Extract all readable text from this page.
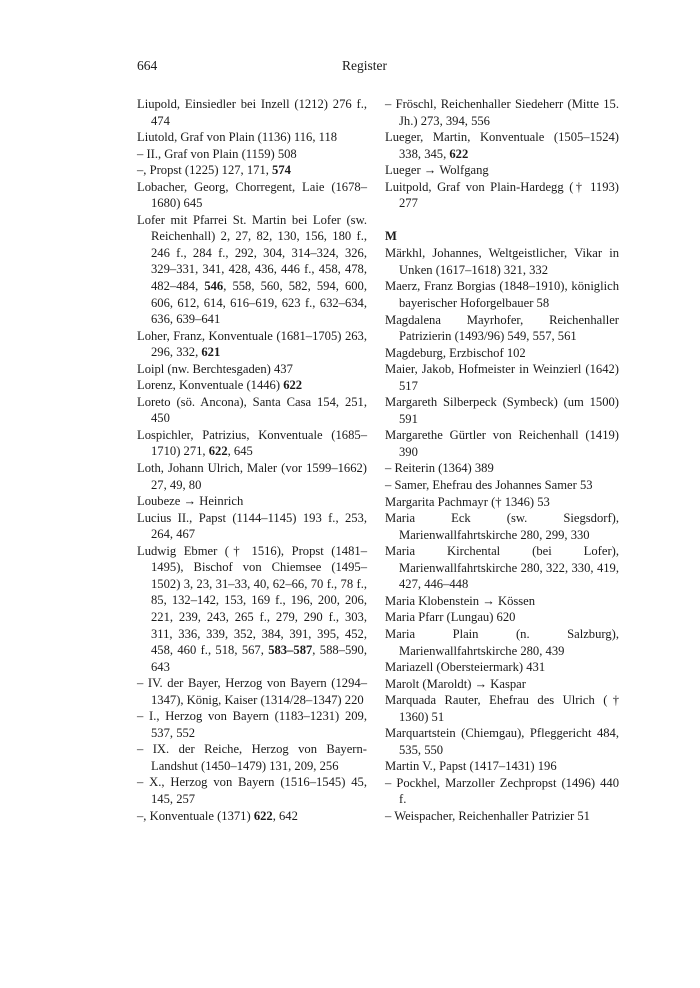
664	Register
Liupold, Einsiedler bei Inzell (1212) 276 f., 474
Liutold, Graf von Plain (1136) 116, 118
– II., Graf von Plain (1159) 508
–, Propst (1225) 127, 171, 574
Lobacher, Georg, Chorregent, Laie (1678–1680) 645
Lofer mit Pfarrei St. Martin bei Lofer (sw. Reichenhall) 2, 27, 82, 130, 156, 180 f., 246 f., 284 f., 292, 304, 314–324, 326, 329–331, 341, 428, 436, 446 f., 458, 478, 482–484, 546, 558, 560, 582, 594, 600, 606, 612, 614, 616–619, 623 f., 632–634, 636, 639–641
Loher, Franz, Konventuale (1681–1705) 263, 296, 332, 621
Loipl (nw. Berchtesgaden) 437
Lorenz, Konventuale (1446) 622
Loreto (sö. Ancona), Santa Casa 154, 251, 450
Lospichler, Patrizius, Konventuale (1685–1710) 271, 622, 645
Loth, Johann Ulrich, Maler (vor 1599–1662) 27, 49, 80
Loubeze → Heinrich
Lucius II., Papst (1144–1145) 193 f., 253, 264, 467
Ludwig Ebmer († 1516), Propst (1481–1495), Bischof von Chiemsee (1495–1502) 3, 23, 31–33, 40, 62–66, 70 f., 78 f., 85, 132–142, 153, 169 f., 196, 200, 206, 221, 239, 243, 265 f., 279, 290 f., 303, 311, 336, 339, 352, 384, 391, 395, 452, 458, 460 f., 518, 567, 583–587, 588–590, 643
– IV. der Bayer, Herzog von Bayern (1294–1347), König, Kaiser (1314/28–1347) 220
– I., Herzog von Bayern (1183–1231) 209, 537, 552
– IX. der Reiche, Herzog von Bayern-Landshut (1450–1479) 131, 209, 256
– X., Herzog von Bayern (1516–1545) 45, 145, 257
–, Konventuale (1371) 622, 642
– Fröschl, Reichenhaller Siedeherr (Mitte 15. Jh.) 273, 394, 556
Lueger, Martin, Konventuale (1505–1524) 338, 345, 622
Lueger → Wolfgang
Luitpold, Graf von Plain-Hardegg († 1193) 277
M
Märkhl, Johannes, Weltgeistlicher, Vikar in Unken (1617–1618) 321, 332
Maerz, Franz Borgias (1848–1910), königlich bayerischer Hoforgelbauer 58
Magdalena Mayrhofer, Reichenhaller Patrizierin (1493/96) 549, 557, 561
Magdeburg, Erzbischof 102
Maier, Jakob, Hofmeister in Weinzierl (1642) 517
Margareth Silberpeck (Symbeck) (um 1500) 591
Margarethe Gürtler von Reichenhall (1419) 390
– Reiterin (1364) 389
– Samer, Ehefrau des Johannes Samer 53
Margarita Pachmayr († 1346) 53
Maria Eck (sw. Siegsdorf), Marienwallfahrtskirche 280, 299, 330
Maria Kirchental (bei Lofer), Marienwallfahrtskirche 280, 322, 330, 419, 427, 446–448
Maria Klobenstein → Kössen
Maria Pfarr (Lungau) 620
Maria Plain (n. Salzburg), Marienwallfahrtskirche 280, 439
Mariazell (Obersteiermark) 431
Marolt (Maroldt) → Kaspar
Marquada Rauter, Ehefrau des Ulrich († 1360) 51
Marquartstein (Chiemgau), Pfleggericht 484, 535, 550
Martin V., Papst (1417–1431) 196
– Pockhel, Marzoller Zechpropst (1496) 440 f.
– Weispacher, Reichenhaller Patrizier 51
